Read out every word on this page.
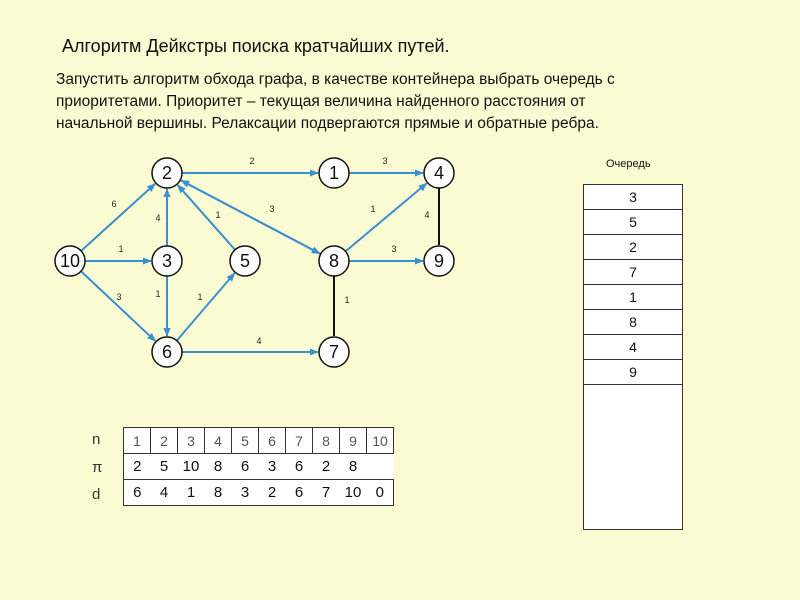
Алгоритм Дейкстры поиска кратчайших путей.
Запустить алгоритм обхода графа, в качестве контейнера выбрать очередь с
приоритетами. Приоритет – текущая величина найденного расстояния от
начальной вершины. Релаксации подвергаются прямые и обратные ребра.
2	3
6
1
3
4	1
3
1	1
1
3
4
1
4
2	1	4
10	3	5	8	9
6	7
Очередь
3
5
2
7
1
8
4
9
n
π
d
1	2	3	4	5	6	7	8	9	10
2	5	10	8	6	3	6	2	8	
6	4	1	8	3	2	6	7	10	0
